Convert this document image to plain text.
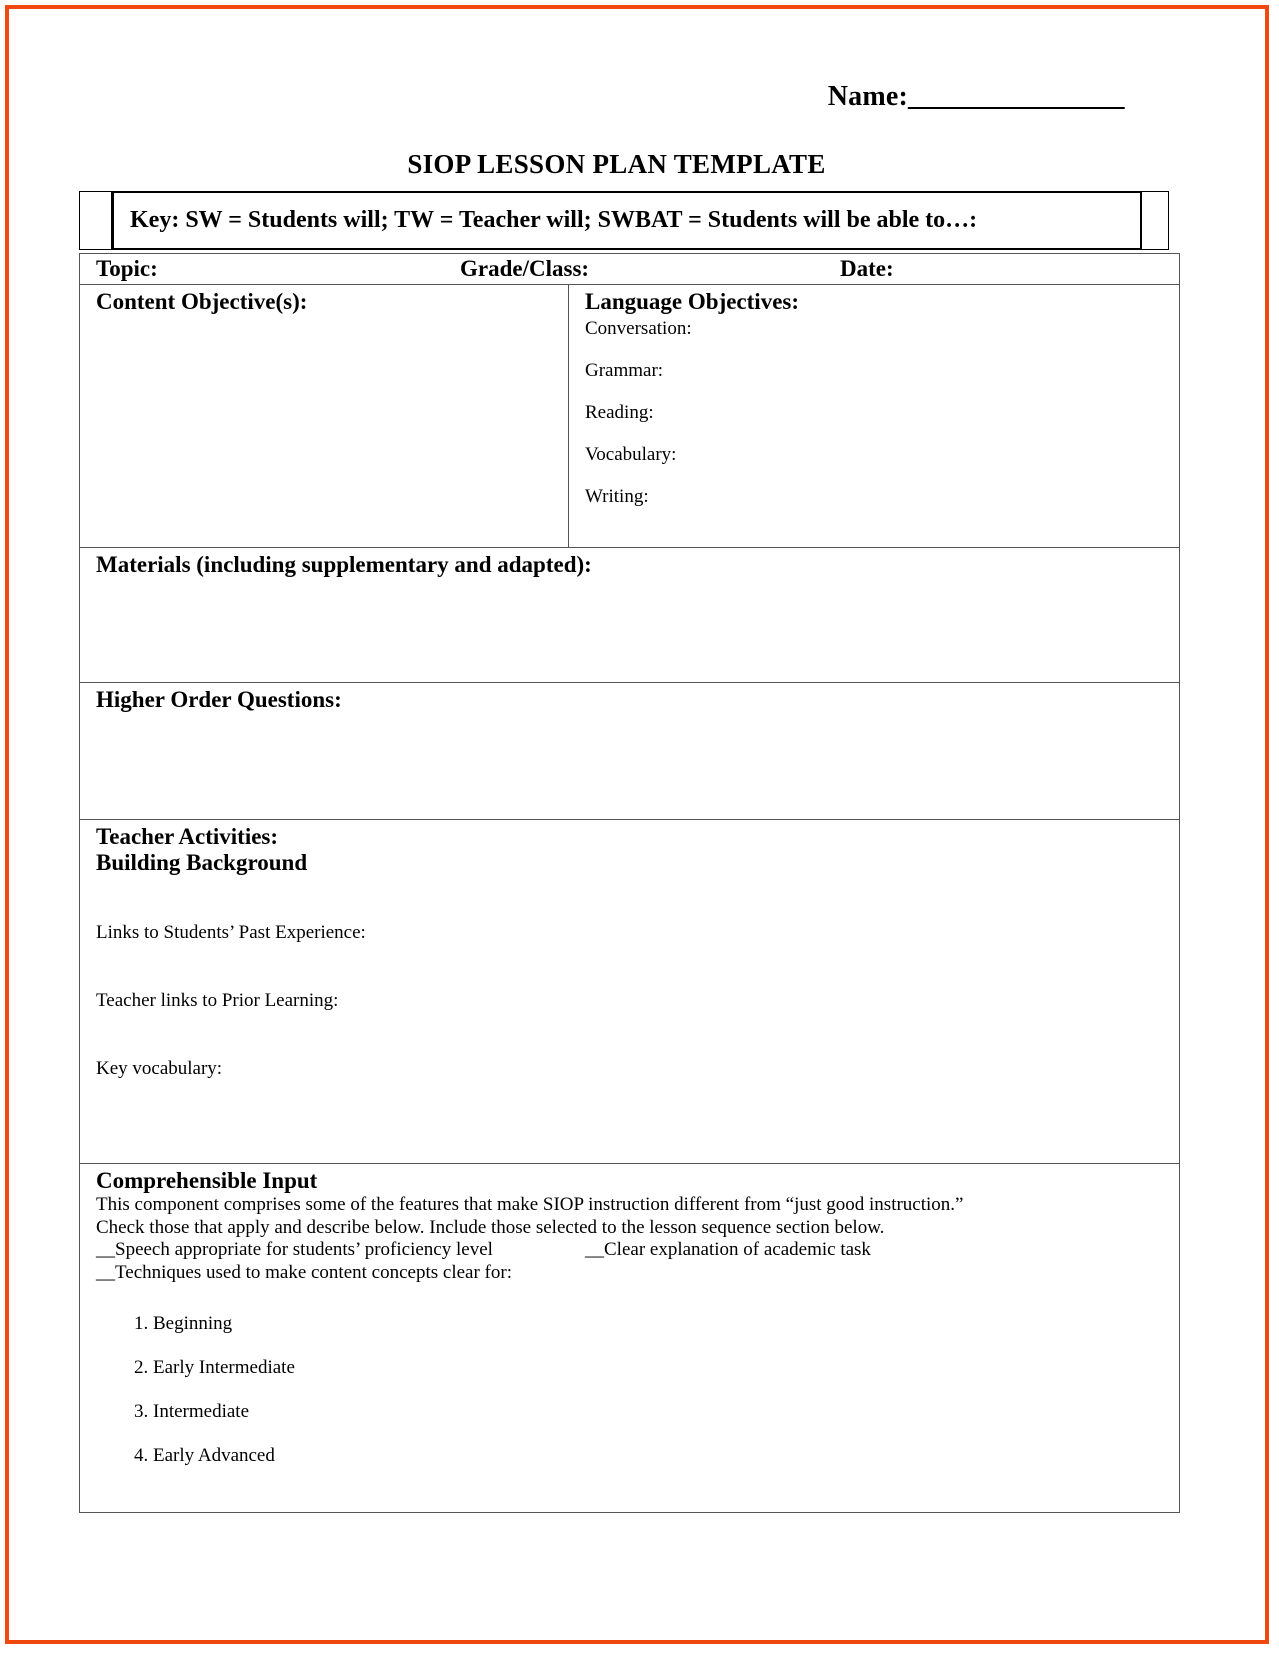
Name:________________
SIOP LESSON PLAN TEMPLATE
Key: SW = Students will; TW = Teacher will; SWBAT = Students will be able to…:
Topic:	Grade/Class:	Date:

Content Objective(s):	Language Objectives:
Conversation:
Grammar:
Reading:
Vocabulary:
Writing:

Materials (including supplementary and adapted):

Higher Order Questions:

Teacher Activities:
Building Background
Links to Students’ Past Experience:
Teacher links to Prior Learning:
Key vocabulary:

Comprehensible Input
This component comprises some of the features that make SIOP instruction different from “just good instruction.”
Check those that apply and describe below. Include those selected to the lesson sequence section below.
__Speech appropriate for students’ proficiency level	__Clear explanation of academic task
__Techniques used to make content concepts clear for:
1. Beginning
2. Early Intermediate
3. Intermediate
4. Early Advanced
